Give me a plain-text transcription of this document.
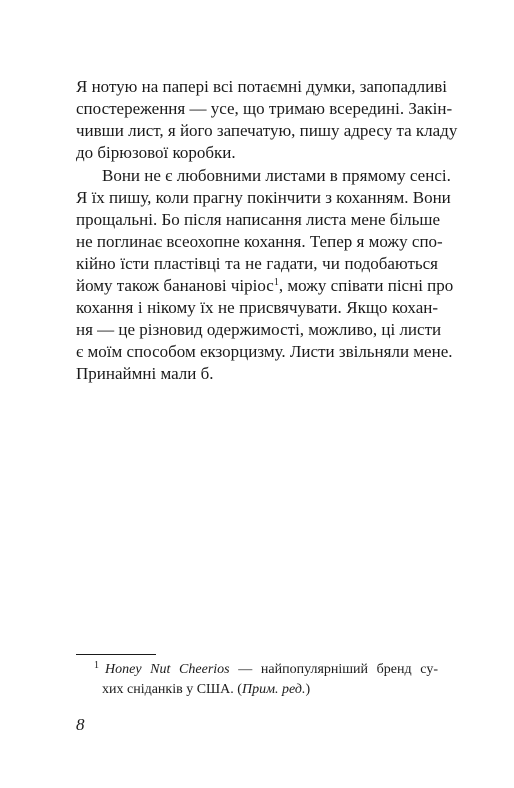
Я нотую на папері всі потаємні думки, запопадливі
спостереження — усе, що тримаю всередині. Закін-
чивши лист, я його запечатую, пишу адресу та кладу
до бірюзової коробки.
Вони не є любовними листами в прямому сенсі.
Я їх пишу, коли прагну покінчити з коханням. Вони
прощальні. Бо після написання листа мене більше
не поглинає всеохопне кохання. Тепер я можу спо-
кійно їсти пластівці та не гадати, чи подобаються
йому також бананові чіріос$^1$, можу співати пісні про
кохання і нікому їх не присвячувати. Якщо кохан-
ня — це різновид одержимості, можливо, ці листи
є моїм способом екзорцизму. Листи звільняли мене.
Принаймні мали б.
$^1$ Honey Nut Cheerios — найпопулярніший бренд су-
хих сніданків у США. (Прим. ред.)
8
